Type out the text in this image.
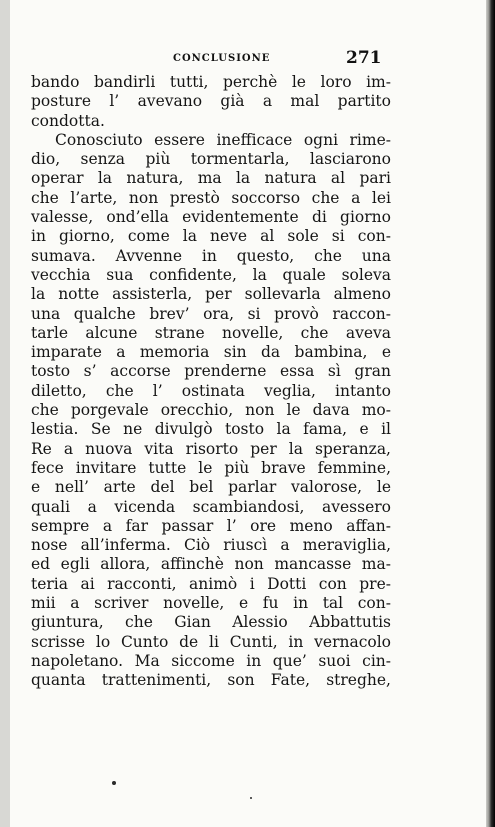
CONCLUSIONE	271
bando bandirli tutti, perchè le loro im-
posture l’ avevano già a mal partito
condotta.
Conosciuto essere inefficace ogni rime-
dio, senza più tormentarla, lasciarono
operar la natura, ma la natura al pari
che l’arte, non prestò soccorso che a lei
valesse, ond’ella evidentemente di giorno
in giorno, come la neve al sole si con-
sumava. Avvenne in questo, che una
vecchia sua confidente, la quale soleva
la notte assisterla, per sollevarla almeno
una qualche brev’ ora, si provò raccon-
tarle alcune strane novelle, che aveva
imparate a memoria sin da bambina, e
tosto s’ accorse prenderne essa sì gran
diletto, che l’ ostinata veglia, intanto
che porgevale orecchio, non le dava mo-
lestia. Se ne divulgò tosto la fama, e il
Re a nuova vita risorto per la speranza,
fece invitare tutte le più brave femmine,
e nell’ arte del bel parlar valorose, le
quali a vicenda scambiandosi, avessero
sempre a far passar l’ ore meno affan-
nose all’inferma. Ciò riuscì a meraviglia,
ed egli allora, affinchè non mancasse ma-
teria ai racconti, animò i Dotti con pre-
mii a scriver novelle, e fu in tal con-
giuntura, che Gian Alessio Abbattutis
scrisse lo Cunto de li Cunti, in vernacolo
napoletano. Ma siccome in que’ suoi cin-
quanta trattenimenti, son Fate, streghe,
